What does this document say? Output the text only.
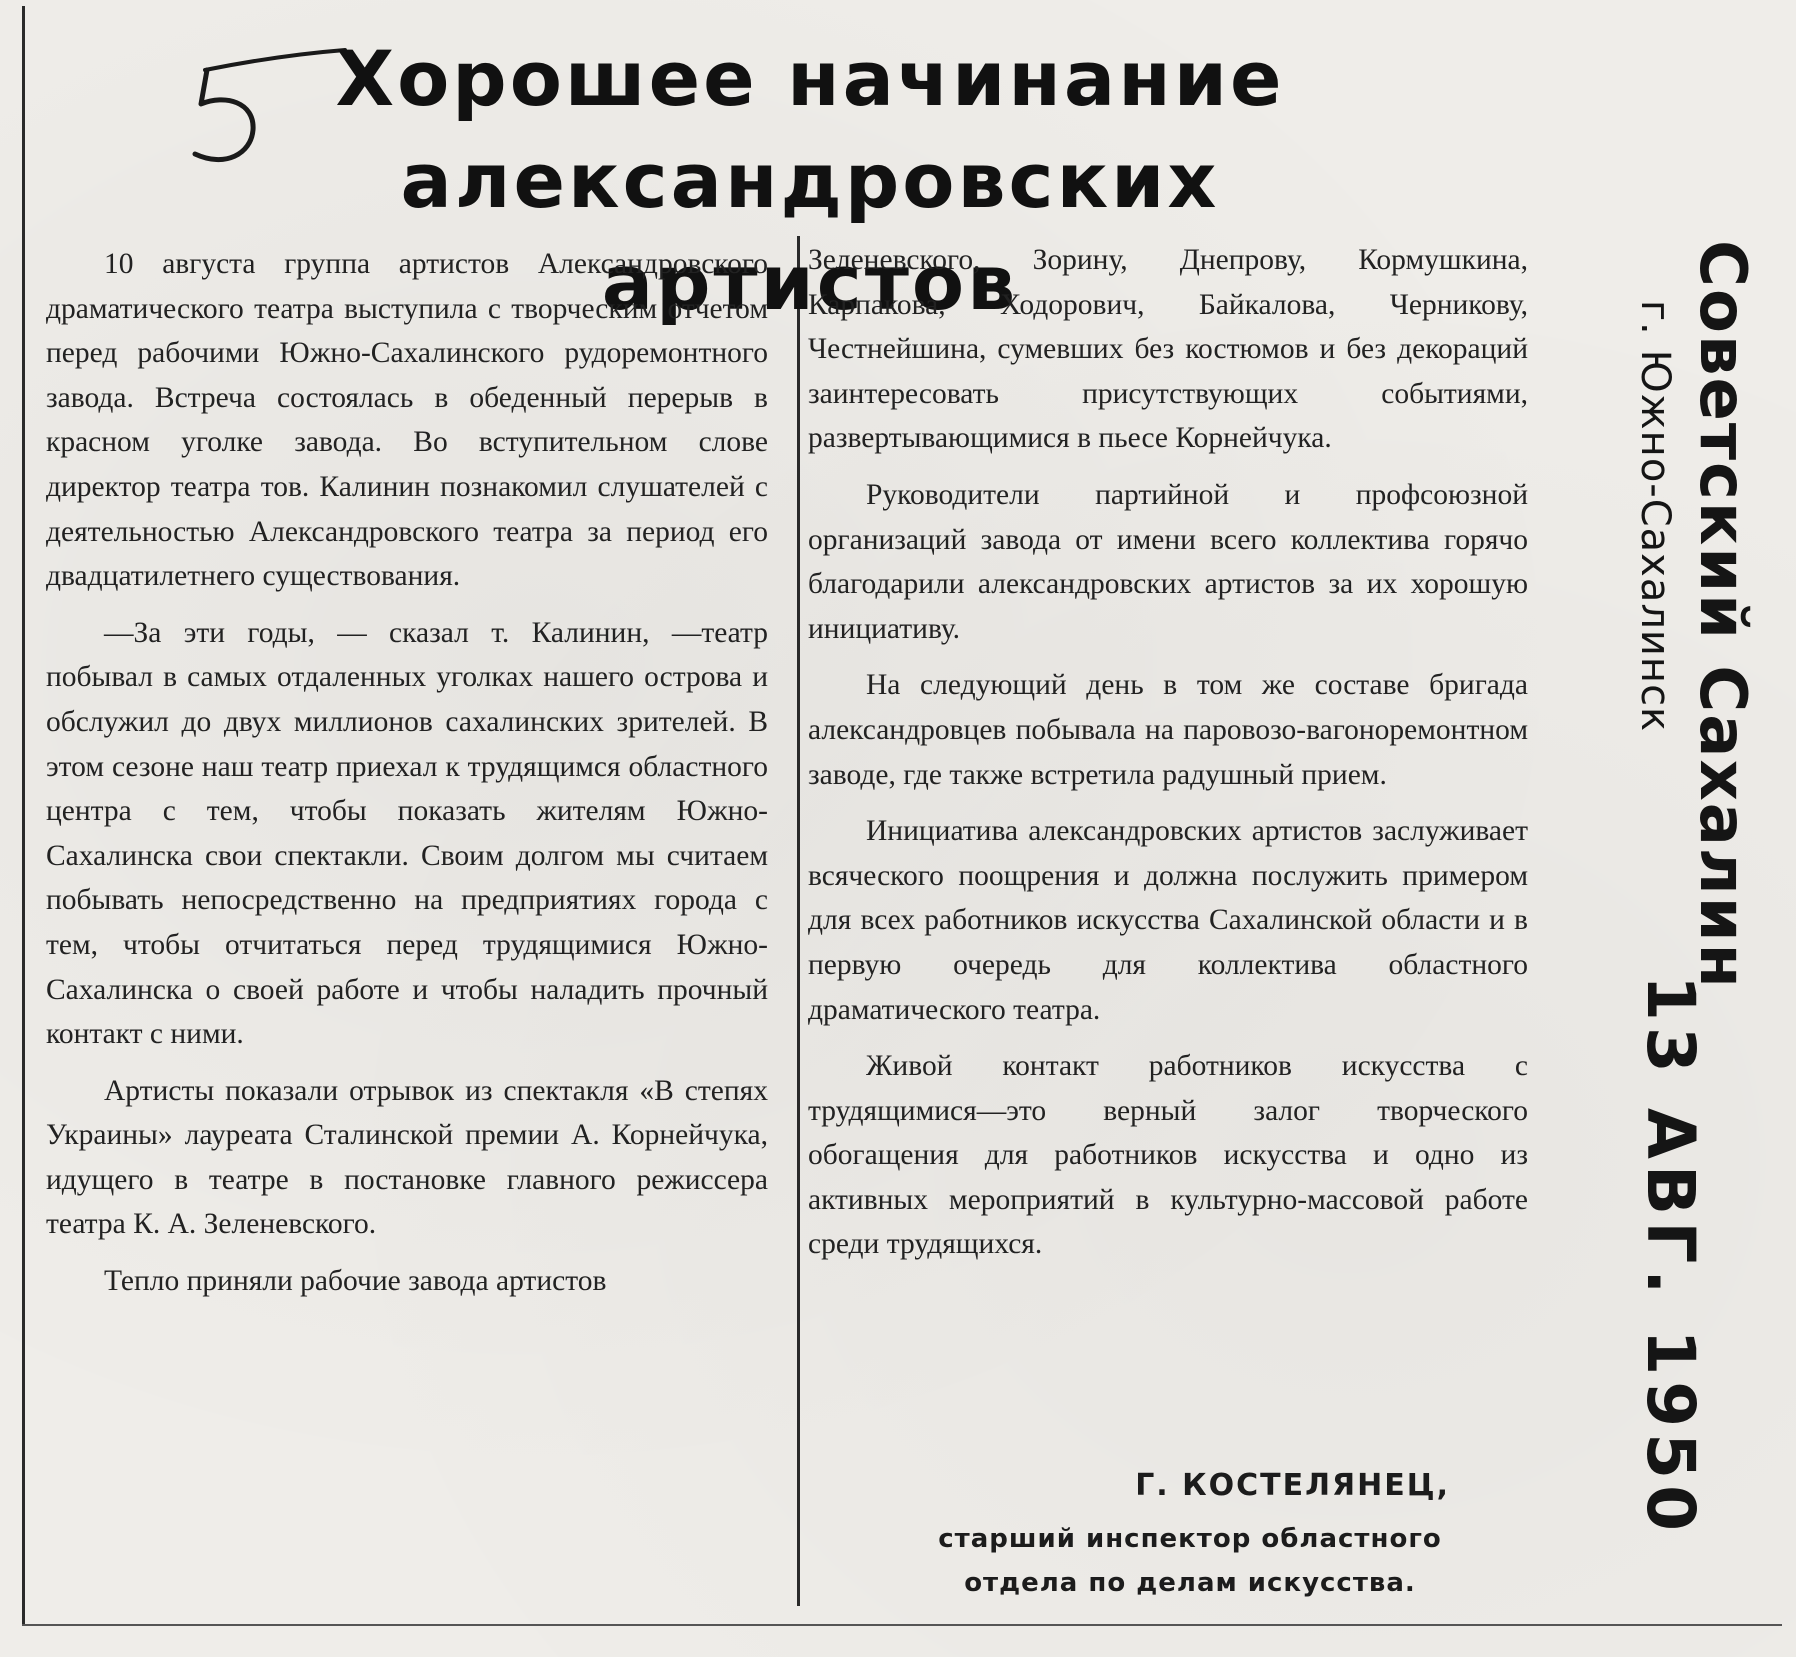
Хорошее начинание
александровских артистов

10 августа группа артистов Александровского драматического театра выступила с творческим отчетом перед рабочими Южно-Сахалинского рудоремонтного завода. Встреча состоялась в обеденный перерыв в красном уголке завода. Во вступительном слове директор театра тов. Калинин познакомил слушателей с деятельностью Александровского театра за период его двадцатилетнего существования.

—За эти годы, — сказал т. Калинин, —театр побывал в самых отдаленных уголках нашего острова и обслужил до двух миллионов сахалинских зрителей. В этом сезоне наш театр приехал к трудящимся областного центра с тем, чтобы показать жителям Южно-Сахалинска свои спектакли. Своим долгом мы считаем побывать непосредственно на предприятиях города с тем, чтобы отчитаться перед трудящимися Южно-Сахалинска о своей работе и чтобы наладить прочный контакт с ними.

Артисты показали отрывок из спектакля «В степях Украины» лауреата Сталинской премии А. Корнейчука, идущего в театре в постановке главного режиссера театра К. А. Зеленевского.

Тепло приняли рабочие завода артистов

Зеленевского, Зорину, Днепрову, Кормушкина, Карпакова, Ходорович, Байкалова, Черникову, Честнейшина, сумевших без костюмов и без декораций заинтересовать присутствующих событиями, развертывающимися в пьесе Корнейчука.

Руководители партийной и профсоюзной организаций завода от имени всего коллектива горячо благодарили александровских артистов за их хорошую инициативу.

На следующий день в том же составе бригада александровцев побывала на паровозо-вагоноремонтном заводе, где также встретила радушный прием.

Инициатива александровских артистов заслуживает всяческого поощрения и должна послужить примером для всех работников искусства Сахалинской области и в первую очередь для коллектива областного драматического театра.

Живой контакт работников искусства с трудящимися—это верный залог творческого обогащения для работников искусства и одно из активных мероприятий в культурно-массовой работе среди трудящихся.

Г. КОСТЕЛЯНЕЦ,
старший инспектор областного
отдела по делам искусства.
Советский Сахалин
г. Южно-Сахалинск
13 АВГ. 1950
